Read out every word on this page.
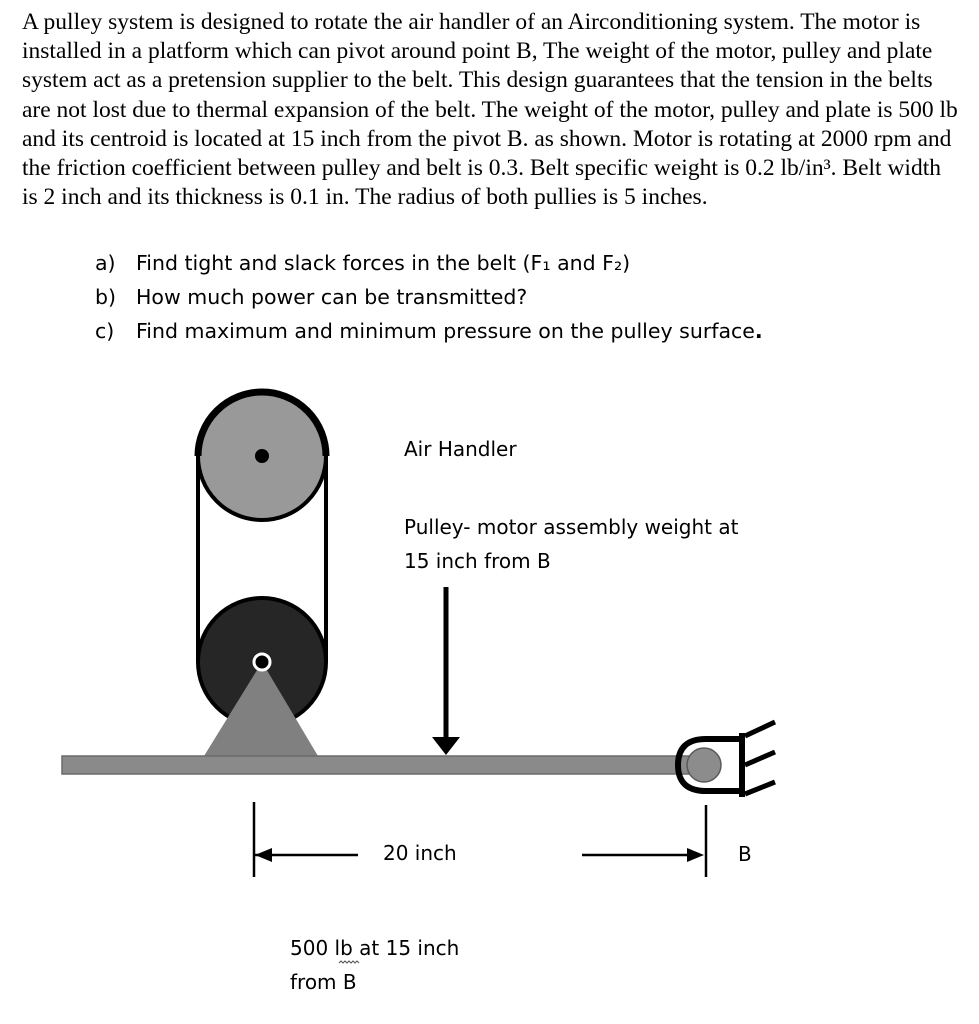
A pulley system is designed to rotate the air handler of an Airconditioning system. The motor is installed in a platform which can pivot around point B, The weight of the motor, pulley and plate system act as a pretension supplier to the belt. This design guarantees that the tension in the belts are not lost due to thermal expansion of the belt. The weight of the motor, pulley and plate is 500 lb and its centroid is located at 15 inch from the pivot B. as shown. Motor is rotating at 2000 rpm and the friction coefficient between pulley and belt is 0.3. Belt specific weight is 0.2 lb/in³. Belt width is 2 inch and its thickness is 0.1 in. The radius of both pullies is 5 inches.

a) Find tight and slack forces in the belt (F₁ and F₂)
b) How much power can be transmitted?
c)	Find maximum and minimum pressure on the pulley surface .
Air Handler
Pulley- motor assembly weight at
15 inch from B
20 inch	B
500 lb at 15 inch
from B
